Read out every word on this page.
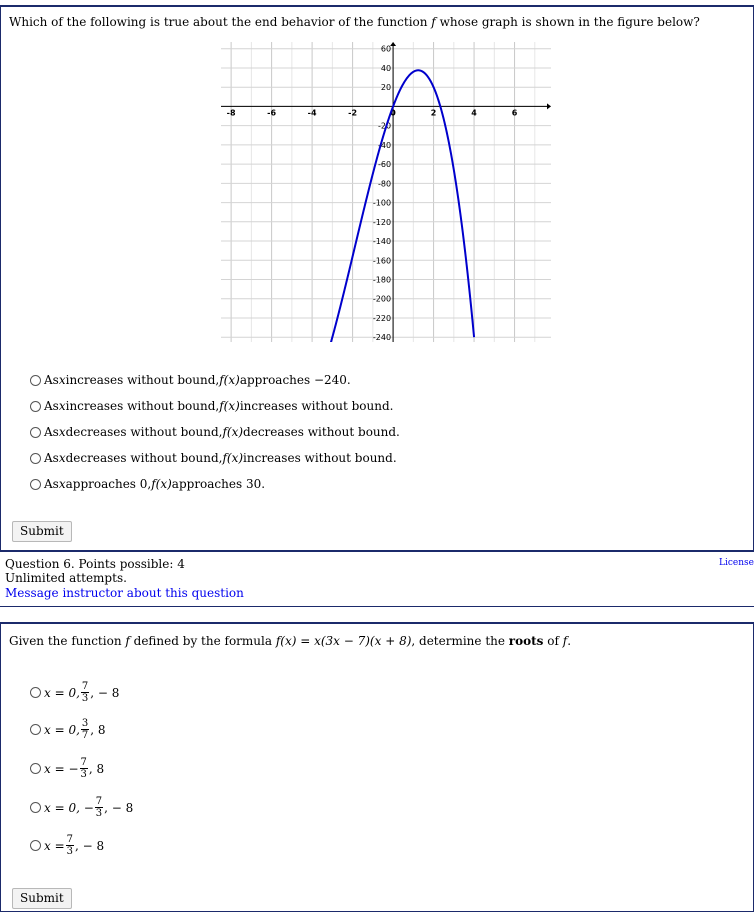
Which of the following is true about the end behavior of the function f whose graph is shown in the figure below?
-8	-6	-4	-2	0	2	4	6
60
40
20
-20
-40
-60
-80
-100
-120
-140
-160
-180
-200
-220
-240
As x increases without bound, f(x) approaches −240.
As x increases without bound, f(x) increases without bound.
As x decreases without bound, f(x) decreases without bound.
As x decreases without bound, f(x) increases without bound.
As x approaches 0, f(x) approaches 30.
Submit
Question 6. Points possible: 4
Unlimited attempts.
Message instructor about this question
License
Given the function f defined by the formula f(x) = x(3x − 7)(x + 8), determine the roots of f.
x = 0, $\frac{7}{3}$ , − 8
x = 0, $\frac{3}{7}$ , 8
x = − $\frac{7}{3}$ , 8
x = 0, − $\frac{7}{3}$ , − 8
$x = \frac{7}{3}$ , − 8
Submit
